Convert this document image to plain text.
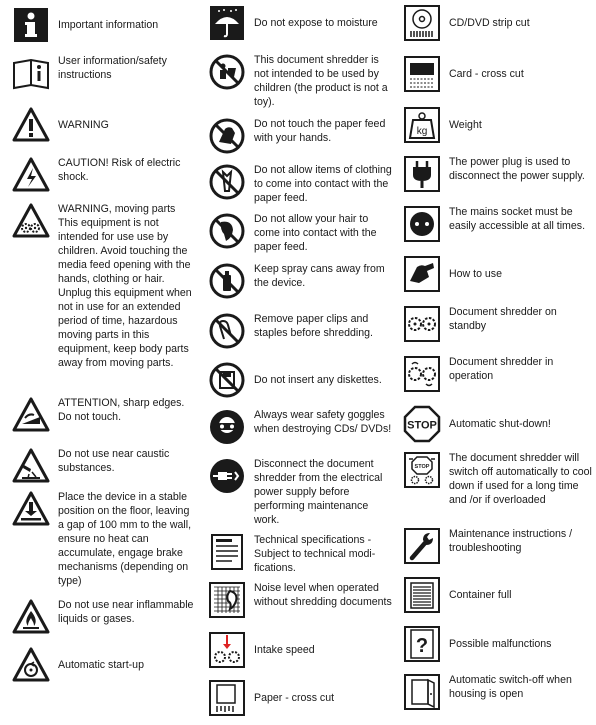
Important information
User information/safety instructions
WARNING
CAUTION! Risk of electric shock.
WARNING, moving parts This equipment is not intended for use use by children. Avoid touching the media feed opening with the hands, clothing or hair. Unplug this equipment when not in use for an extended period of time, hazardous moving parts in this equipment, keep body parts away from moving parts.
ATTENTION, sharp edges. Do not touch.
Do not use near caustic substances.
Place the device in a stable position on the floor, leaving a gap of 100 mm to the wall, ensure no heat can accumulate, engage brake mechanisms (depending on type)
Do not use near inflammable liquids or gases.
Automatic start-up
Do not expose to moisture
This document shredder is not intended to be used by children (the product is not a toy).
Do not touch the paper feed with your hands.
Do not allow items of clothing to come into contact with the paper feed.
Do not allow your hair to come into contact with the paper feed.
Keep spray cans away from the device.
Remove paper clips and staples before shredding.
Do not insert any diskettes.
Always wear safety goggles when destroying CDs/ DVDs!
Disconnect the document shredder from the electrical power supply before performing maintenance work.
Technical specifications - Subject to technical modifications.
Noise level when operated without shredding documents
Intake speed
Paper - cross cut
CD/DVD strip cut
Card - cross cut
kg
Weight
The power plug is used to disconnect the power supply.
The mains socket must be easily accessible at all times.
How to use
Document shredder on standby
Document shredder in operation
STOP Automatic shut-down!
STOP
The document shredder will switch off automatically to cool down if used for a long time and /or if overloaded
Maintenance instructions / troubleshooting
Container full
? Possible malfunctions
Automatic switch-off when housing is open
